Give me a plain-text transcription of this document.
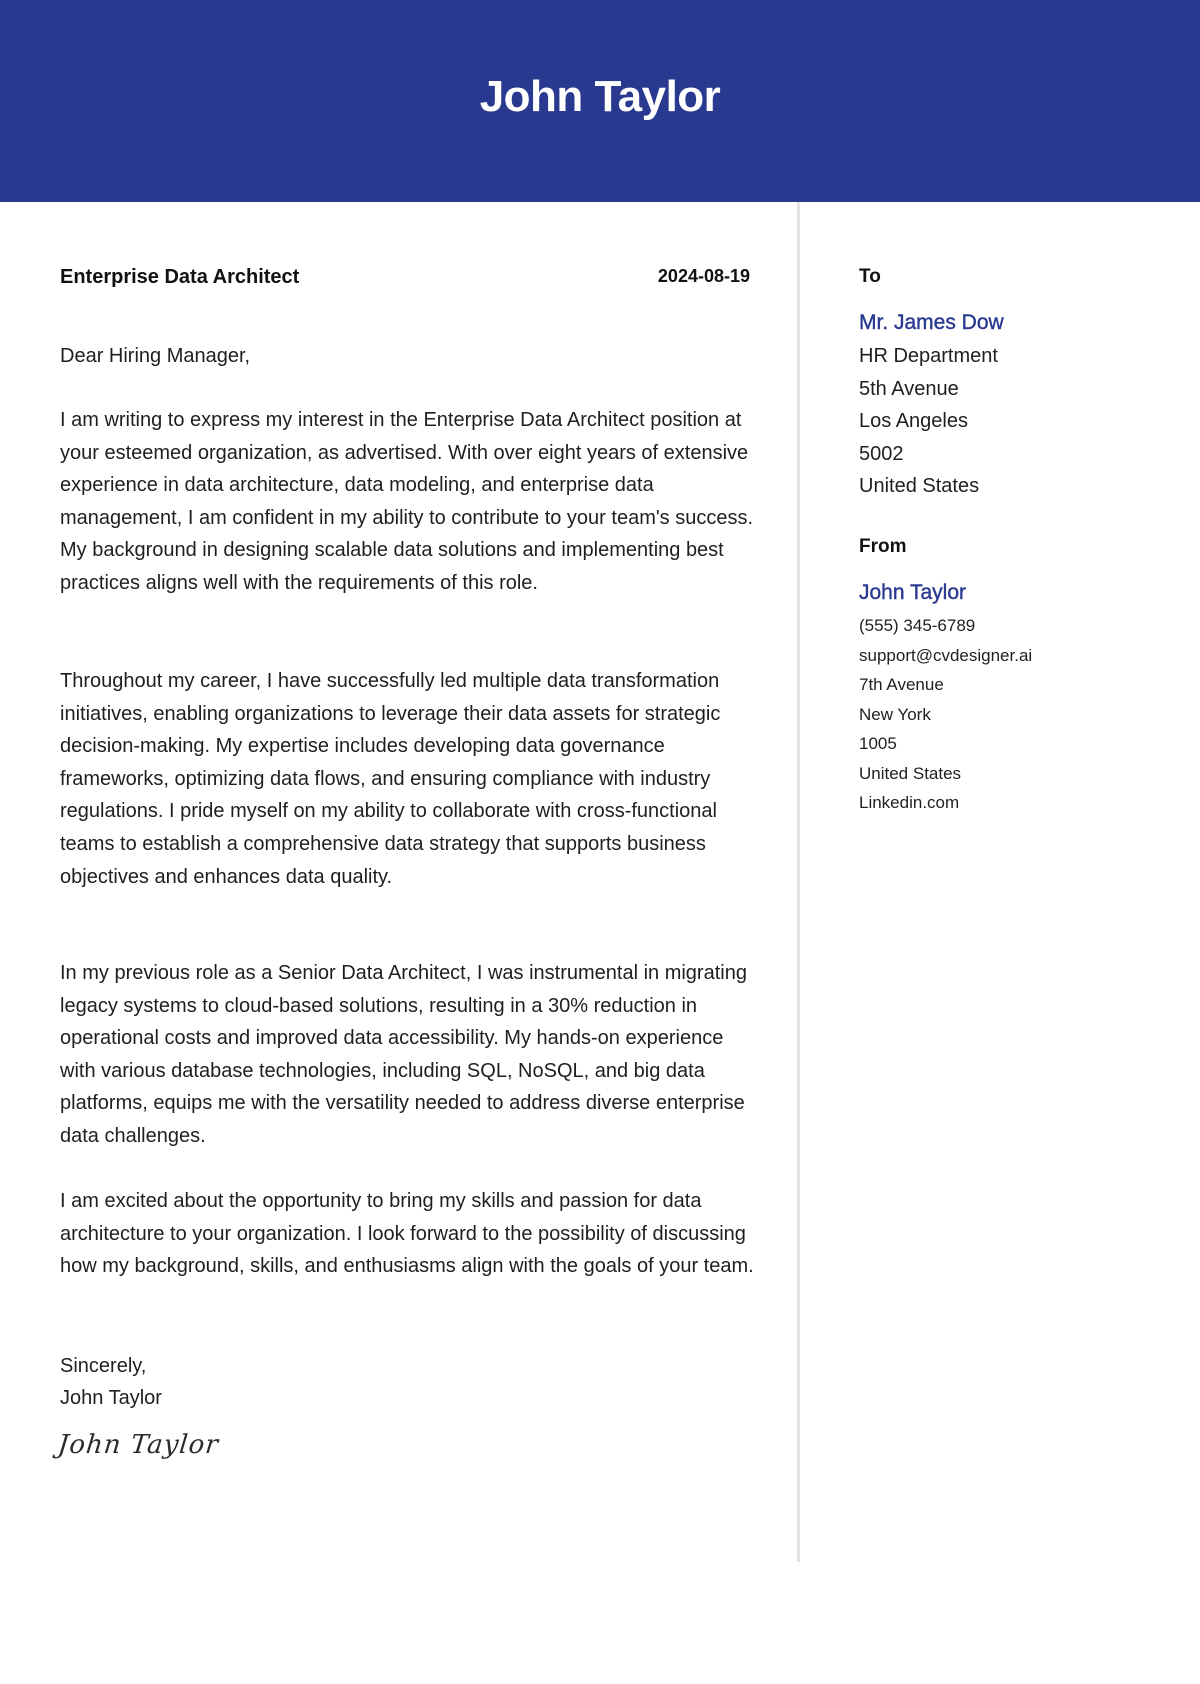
John Taylor
Enterprise Data Architect	2024-08-19
Dear Hiring Manager,
I am writing to express my interest in the Enterprise Data Architect position at your esteemed organization, as advertised. With over eight years of extensive experience in data architecture, data modeling, and enterprise data management, I am confident in my ability to contribute to your team's success. My background in designing scalable data solutions and implementing best practices aligns well with the requirements of this role.
Throughout my career, I have successfully led multiple data transformation initiatives, enabling organizations to leverage their data assets for strategic decision-making. My expertise includes developing data governance frameworks, optimizing data flows, and ensuring compliance with industry regulations. I pride myself on my ability to collaborate with cross-functional teams to establish a comprehensive data strategy that supports business objectives and enhances data quality.
In my previous role as a Senior Data Architect, I was instrumental in migrating legacy systems to cloud-based solutions, resulting in a 30% reduction in operational costs and improved data accessibility. My hands-on experience with various database technologies, including SQL, NoSQL, and big data platforms, equips me with the versatility needed to address diverse enterprise data challenges.
I am excited about the opportunity to bring my skills and passion for data architecture to your organization. I look forward to the possibility of discussing how my background, skills, and enthusiasms align with the goals of your team.
Sincerely,
John Taylor
John Taylor
To
Mr. James Dow
HR Department
5th Avenue
Los Angeles
5002
United States
From
John Taylor
(555) 345-6789
support@cvdesigner.ai
7th Avenue
New York
1005
United States
Linkedin.com
